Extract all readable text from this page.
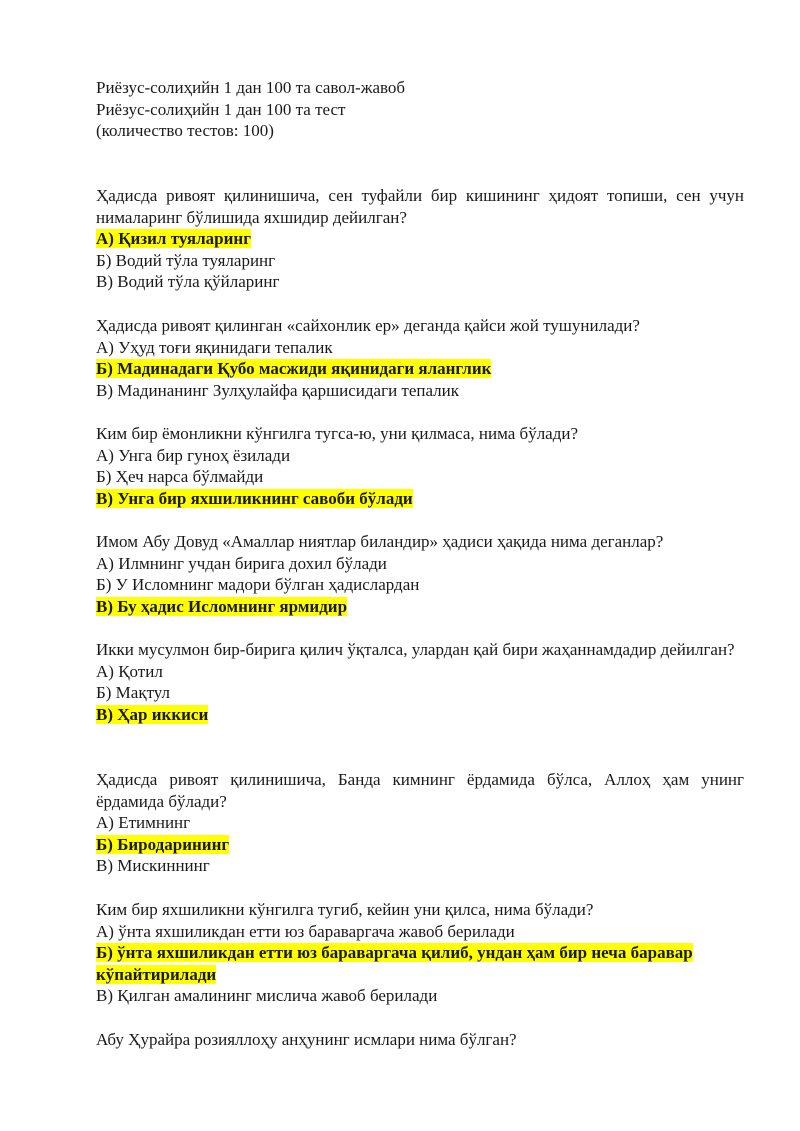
Риёзус-солиҳийн 1 дан 100 та савол-жавоб
Риёзус-солиҳийн 1 дан 100 та тест
(количество тестов: 100)
Ҳадисда ривоят қилинишича, сен туфайли бир кишининг ҳидоят топиши, сен учун нималаринг бўлишида яхшидир дейилган?
А) Қизил туяларинг
Б) Водий тўла туяларинг
В) Водий тўла қўйларинг
Ҳадисда ривоят қилинган «сайхонлик ер» деганда қайси жой тушунилади?
А) Уҳуд тоғи яқинидаги тепалик
Б) Мадинадаги Қубо масжиди яқинидаги яланглик
В) Мадинанинг Зулҳулайфа қаршисидаги тепалик
Ким бир ёмонликни кўнгилга тугса-ю, уни қилмаса, нима бўлади?
А) Унга бир гуноҳ ёзилади
Б) Ҳеч нарса бўлмайди
В) Унга бир яхшиликнинг савоби бўлади
Имом Абу Довуд «Амаллар ниятлар биландир» ҳадиси ҳақида нима деганлар?
А) Илмнинг учдан бирига дохил бўлади
Б) У Исломнинг мадори бўлган ҳадислардан
В) Бу ҳадис Исломнинг ярмидир
Икки мусулмон бир-бирига қилич ўқталса, улардан қай бири жаҳаннамдадир дейилган?
А) Қотил
Б) Мақтул
В) Ҳар иккиси
Ҳадисда ривоят қилинишича, Банда кимнинг ёрдамида бўлса, Аллоҳ ҳам унинг ёрдамида бўлади?
А) Етимнинг
Б) Биродарининг
В) Мискиннинг
Ким бир яхшиликни кўнгилга тугиб, кейин уни қилса, нима бўлади?
А) ўнта яхшиликдан етти юз бараваргача жавоб берилади
Б) ўнта яхшиликдан етти юз бараваргача қилиб, ундан ҳам бир неча баравар кўпайтирилади
В) Қилган амалининг мислича жавоб берилади
Абу Ҳурайра розияллоҳу анҳунинг исмлари нима бўлган?
